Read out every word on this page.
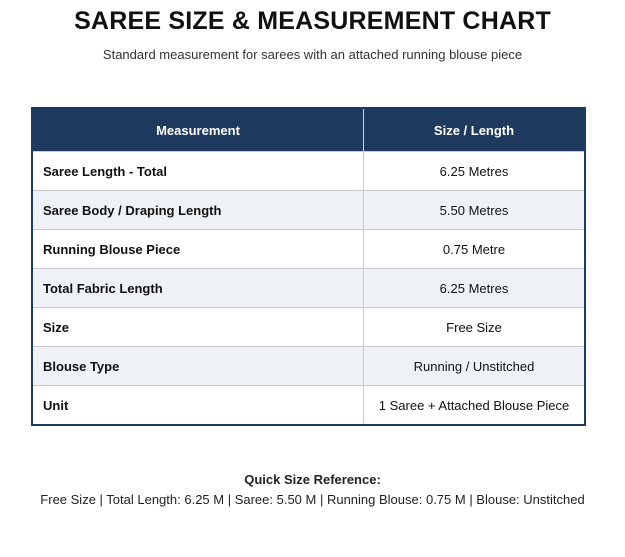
SAREE SIZE & MEASUREMENT CHART
Standard measurement for sarees with an attached running blouse piece
Measurement	Size / Length
Saree Length - Total	6.25 Metres
Saree Body / Draping Length	5.50 Metres
Running Blouse Piece	0.75 Metre
Total Fabric Length	6.25 Metres
Size	Free Size
Blouse Type	Running / Unstitched
Unit	1 Saree + Attached Blouse Piece
Quick Size Reference:
Free Size | Total Length: 6.25 M | Saree: 5.50 M | Running Blouse: 0.75 M | Blouse: Unstitched
